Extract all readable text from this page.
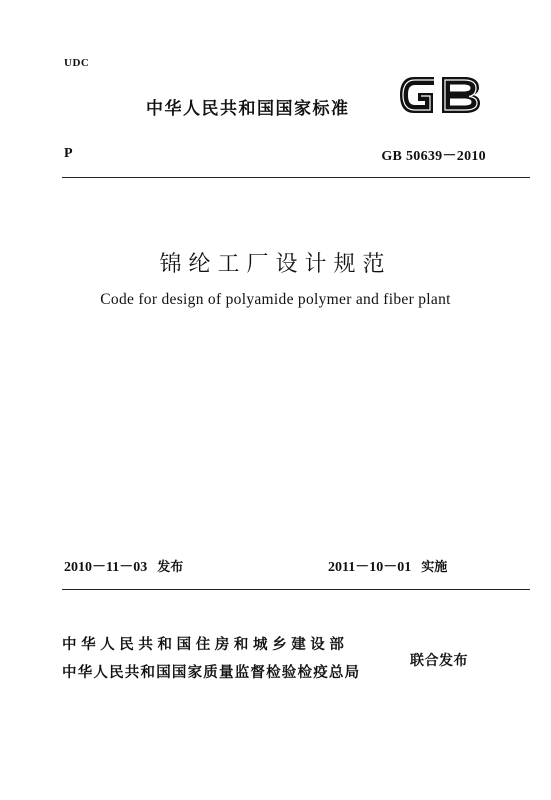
UDC
中华人民共和国国家标准
P	GB 50639－2010
锦纶工厂设计规范
Code for design of polyamide polymer and fiber plant
2010－11－03 发布	2011－10－01 实施
中华人民共和国住房和城乡建设部
中华人民共和国国家质量监督检验检疫总局
联合发布
